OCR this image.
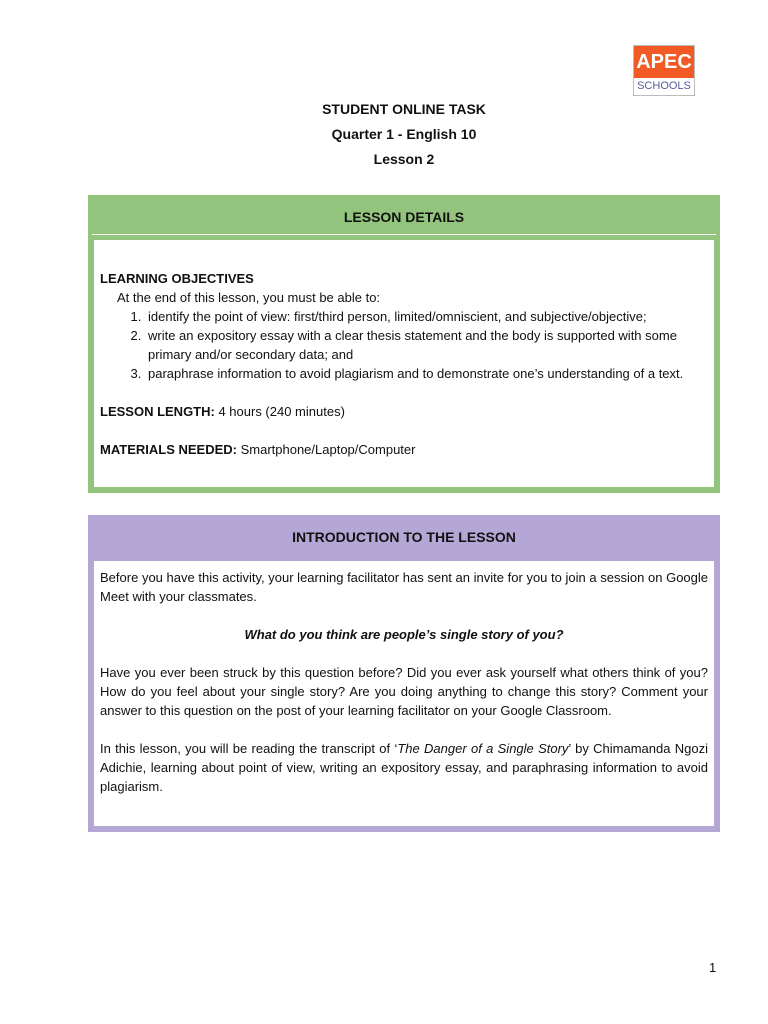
APEC
SCHOOLS
STUDENT ONLINE TASK
Quarter 1 - English 10
Lesson 2
LESSON DETAILS
LEARNING OBJECTIVES
At the end of this lesson, you must be able to:
1. identify the point of view: first/third person, limited/omniscient, and subjective/objective;
2. write an expository essay with a clear thesis statement and the body is supported with some primary and/or secondary data; and
3. paraphrase information to avoid plagiarism and to demonstrate one’s understanding of a text.
LESSON LENGTH: 4 hours (240 minutes)
MATERIALS NEEDED: Smartphone/Laptop/Computer
INTRODUCTION TO THE LESSON
Before you have this activity, your learning facilitator has sent an invite for you to join a session on Google Meet with your classmates.
What do you think are people’s single story of you?
Have you ever been struck by this question before? Did you ever ask yourself what others think of you? How do you feel about your single story? Are you doing anything to change this story? Comment your answer to this question on the post of your learning facilitator on your Google Classroom.
In this lesson, you will be reading the transcript of ‘The Danger of a Single Story’ by Chimamanda Ngozi Adichie, learning about point of view, writing an expository essay, and paraphrasing information to avoid plagiarism.
1
